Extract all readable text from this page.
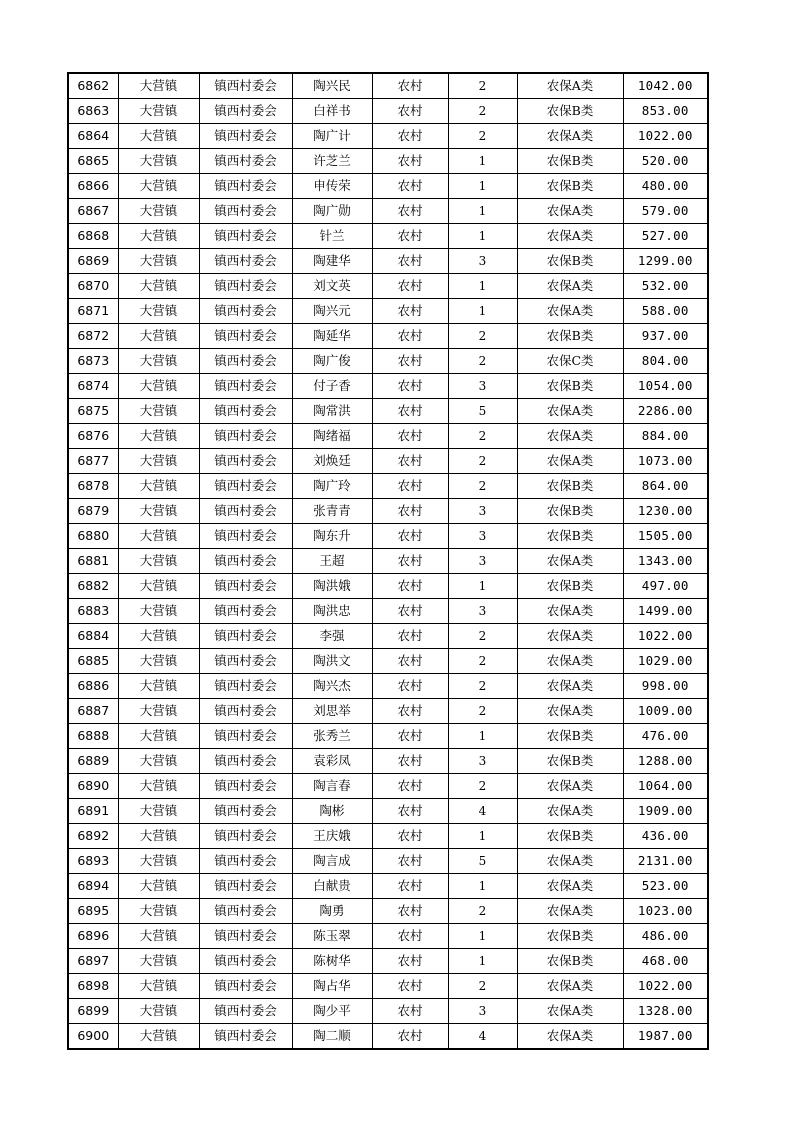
6862	大营镇	镇西村委会	陶兴民	农村	2	农保A类	1042.00
6863	大营镇	镇西村委会	白祥书	农村	2	农保B类	853.00
6864	大营镇	镇西村委会	陶广计	农村	2	农保A类	1022.00
6865	大营镇	镇西村委会	许芝兰	农村	1	农保B类	520.00
6866	大营镇	镇西村委会	申传荣	农村	1	农保B类	480.00
6867	大营镇	镇西村委会	陶广勋	农村	1	农保A类	579.00
6868	大营镇	镇西村委会	针兰	农村	1	农保A类	527.00
6869	大营镇	镇西村委会	陶建华	农村	3	农保B类	1299.00
6870	大营镇	镇西村委会	刘文英	农村	1	农保A类	532.00
6871	大营镇	镇西村委会	陶兴元	农村	1	农保A类	588.00
6872	大营镇	镇西村委会	陶延华	农村	2	农保B类	937.00
6873	大营镇	镇西村委会	陶广俊	农村	2	农保C类	804.00
6874	大营镇	镇西村委会	付子香	农村	3	农保B类	1054.00
6875	大营镇	镇西村委会	陶常洪	农村	5	农保A类	2286.00
6876	大营镇	镇西村委会	陶绪福	农村	2	农保A类	884.00
6877	大营镇	镇西村委会	刘焕廷	农村	2	农保A类	1073.00
6878	大营镇	镇西村委会	陶广玲	农村	2	农保B类	864.00
6879	大营镇	镇西村委会	张青青	农村	3	农保B类	1230.00
6880	大营镇	镇西村委会	陶东升	农村	3	农保B类	1505.00
6881	大营镇	镇西村委会	王超	农村	3	农保A类	1343.00
6882	大营镇	镇西村委会	陶洪娥	农村	1	农保B类	497.00
6883	大营镇	镇西村委会	陶洪忠	农村	3	农保A类	1499.00
6884	大营镇	镇西村委会	李强	农村	2	农保A类	1022.00
6885	大营镇	镇西村委会	陶洪文	农村	2	农保A类	1029.00
6886	大营镇	镇西村委会	陶兴杰	农村	2	农保A类	998.00
6887	大营镇	镇西村委会	刘思举	农村	2	农保A类	1009.00
6888	大营镇	镇西村委会	张秀兰	农村	1	农保B类	476.00
6889	大营镇	镇西村委会	袁彩凤	农村	3	农保B类	1288.00
6890	大营镇	镇西村委会	陶言春	农村	2	农保A类	1064.00
6891	大营镇	镇西村委会	陶彬	农村	4	农保A类	1909.00
6892	大营镇	镇西村委会	王庆娥	农村	1	农保B类	436.00
6893	大营镇	镇西村委会	陶言成	农村	5	农保A类	2131.00
6894	大营镇	镇西村委会	白献贵	农村	1	农保A类	523.00
6895	大营镇	镇西村委会	陶勇	农村	2	农保A类	1023.00
6896	大营镇	镇西村委会	陈玉翠	农村	1	农保B类	486.00
6897	大营镇	镇西村委会	陈树华	农村	1	农保B类	468.00
6898	大营镇	镇西村委会	陶占华	农村	2	农保A类	1022.00
6899	大营镇	镇西村委会	陶少平	农村	3	农保A类	1328.00
6900	大营镇	镇西村委会	陶二顺	农村	4	农保A类	1987.00
